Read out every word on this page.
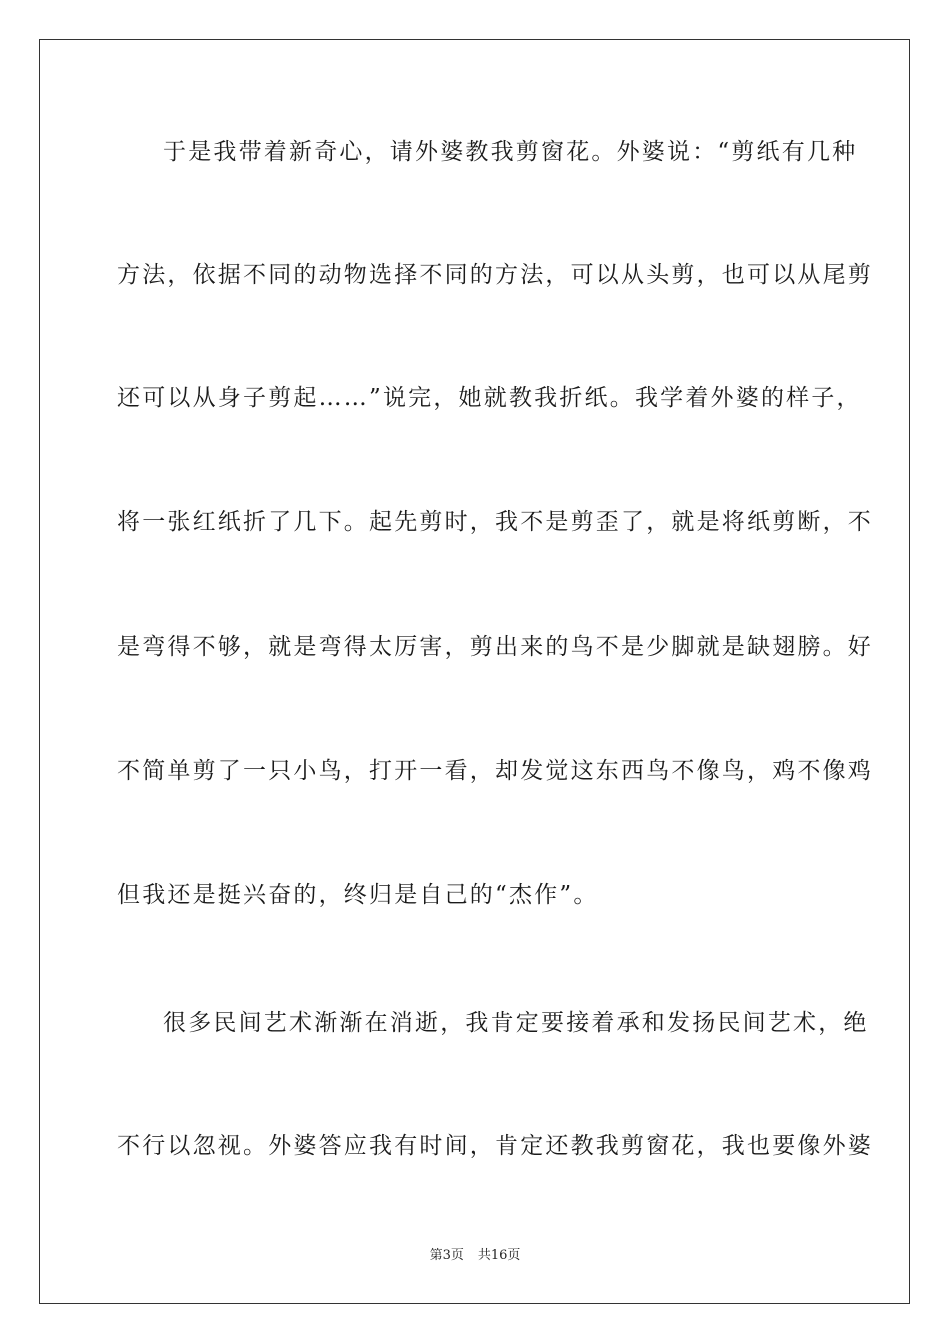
于是我带着新奇心，请外婆教我剪窗花。外婆说：“剪纸有几种
方法，依据不同的动物选择不同的方法，可以从头剪，也可以从尾剪
还可以从身子剪起……”说完，她就教我折纸。我学着外婆的样子，
将一张红纸折了几下。起先剪时，我不是剪歪了，就是将纸剪断，不
是弯得不够，就是弯得太厉害，剪出来的鸟不是少脚就是缺翅膀。好
不简单剪了一只小鸟，打开一看，却发觉这东西鸟不像鸟，鸡不像鸡
但我还是挺兴奋的，终归是自己的“杰作”。
很多民间艺术渐渐在消逝，我肯定要接着承和发扬民间艺术，绝
不行以忽视。外婆答应我有时间，肯定还教我剪窗花，我也要像外婆
第3页 共16页
